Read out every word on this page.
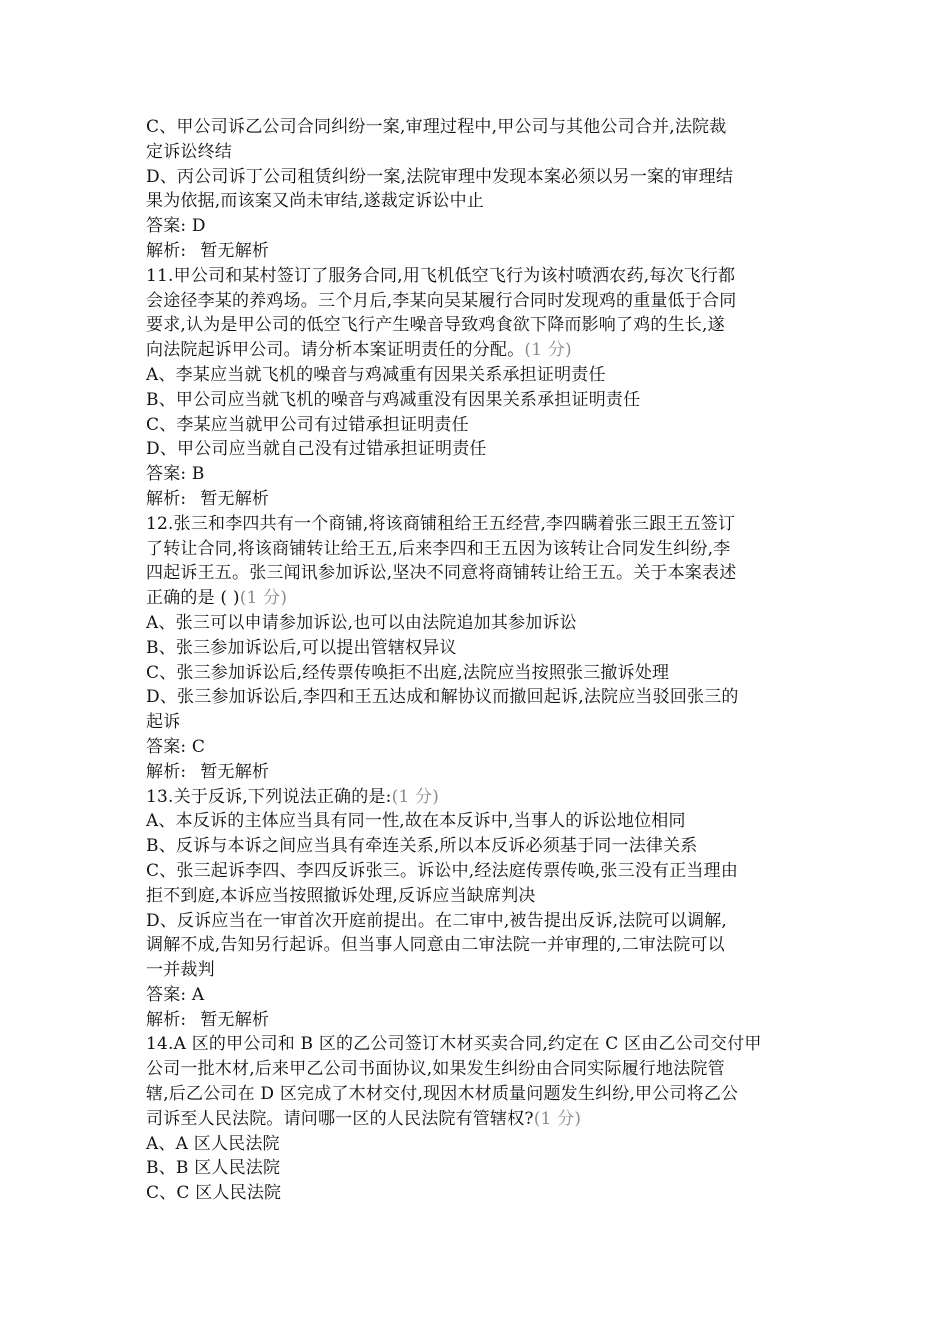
C、甲公司诉乙公司合同纠纷一案,审理过程中,甲公司与其他公司合并,法院裁
定诉讼终结
D、丙公司诉丁公司租赁纠纷一案,法院审理中发现本案必须以另一案的审理结
果为依据,而该案又尚未审结,遂裁定诉讼中止
答案: D
解析: 暂无解析
11.甲公司和某村签订了服务合同,用飞机低空飞行为该村喷洒农药,每次飞行都
会途径李某的养鸡场。三个月后,李某向吴某履行合同时发现鸡的重量低于合同
要求,认为是甲公司的低空飞行产生噪音导致鸡食欲下降而影响了鸡的生长,遂
向法院起诉甲公司。请分析本案证明责任的分配。(1 分)
A、李某应当就飞机的噪音与鸡减重有因果关系承担证明责任
B、甲公司应当就飞机的噪音与鸡减重没有因果关系承担证明责任
C、李某应当就甲公司有过错承担证明责任
D、甲公司应当就自己没有过错承担证明责任
答案: B
解析: 暂无解析
12.张三和李四共有一个商铺,将该商铺租给王五经营,李四瞒着张三跟王五签订
了转让合同,将该商铺转让给王五,后来李四和王五因为该转让合同发生纠纷,李
四起诉王五。张三闻讯参加诉讼,坚决不同意将商铺转让给王五。关于本案表述
正确的是 ( )(1 分)
A、张三可以申请参加诉讼,也可以由法院追加其参加诉讼
B、张三参加诉讼后,可以提出管辖权异议
C、张三参加诉讼后,经传票传唤拒不出庭,法院应当按照张三撤诉处理
D、张三参加诉讼后,李四和王五达成和解协议而撤回起诉,法院应当驳回张三的
起诉
答案: C
解析: 暂无解析
13.关于反诉,下列说法正确的是:(1 分)
A、本反诉的主体应当具有同一性,故在本反诉中,当事人的诉讼地位相同
B、反诉与本诉之间应当具有牵连关系,所以本反诉必须基于同一法律关系
C、张三起诉李四、李四反诉张三。诉讼中,经法庭传票传唤,张三没有正当理由
拒不到庭,本诉应当按照撤诉处理,反诉应当缺席判决
D、反诉应当在一审首次开庭前提出。在二审中,被告提出反诉,法院可以调解,
调解不成,告知另行起诉。但当事人同意由二审法院一并审理的,二审法院可以
一并裁判
答案: A
解析: 暂无解析
14.A 区的甲公司和 B 区的乙公司签订木材买卖合同,约定在 C 区由乙公司交付甲
公司一批木材,后来甲乙公司书面协议,如果发生纠纷由合同实际履行地法院管
辖,后乙公司在 D 区完成了木材交付,现因木材质量问题发生纠纷,甲公司将乙公
司诉至人民法院。请问哪一区的人民法院有管辖权?(1 分)
A、A 区人民法院
B、B 区人民法院
C、C 区人民法院
